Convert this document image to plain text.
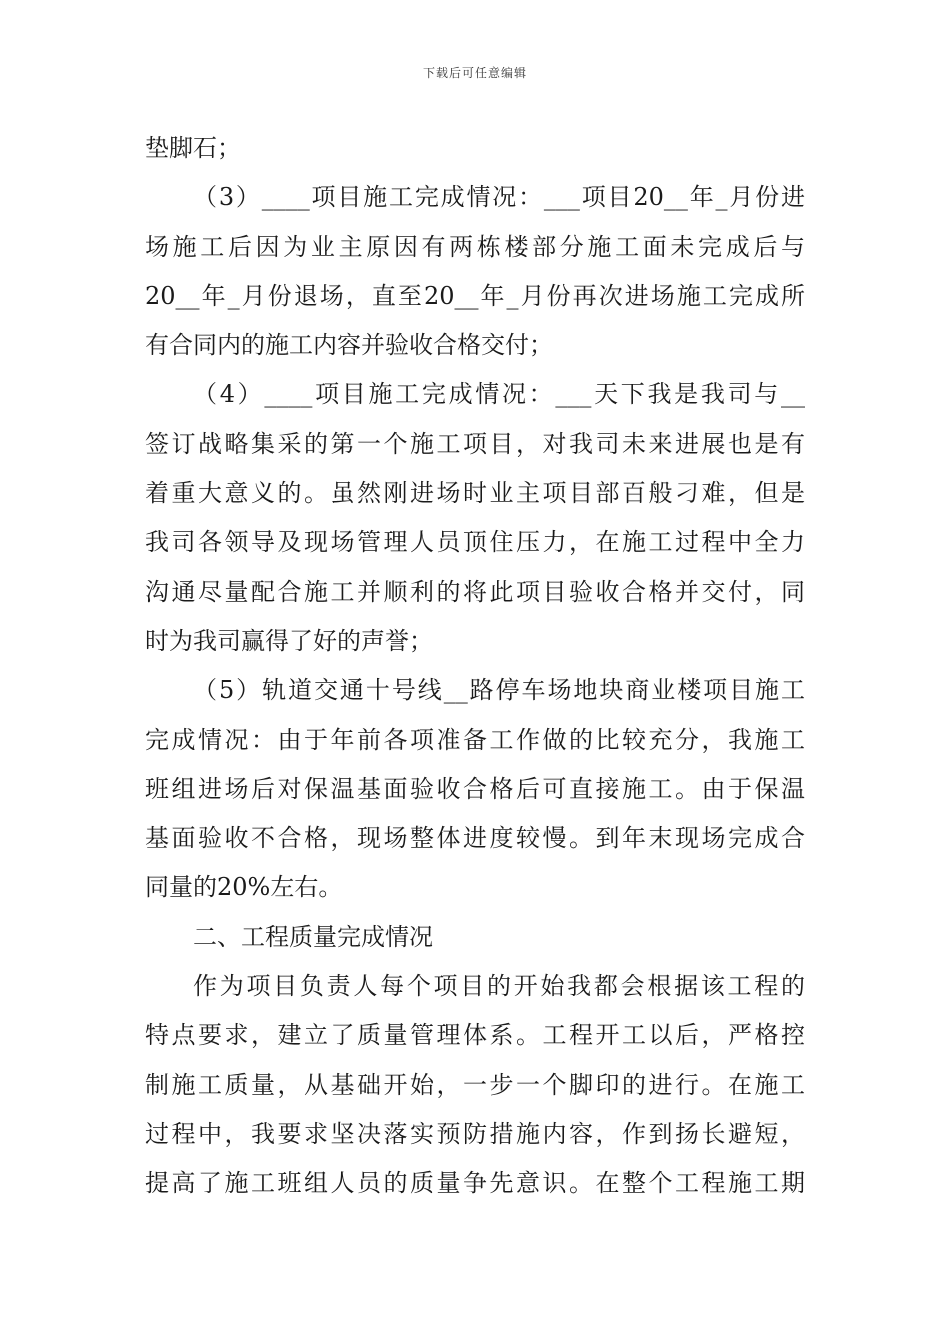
下载后可任意编辑
垫脚石；
（3）____项目施工完成情况：___项目20__年_月份进
场施工后因为业主原因有两栋楼部分施工面未完成后与
20__年_月份退场，直至20__年_月份再次进场施工完成所
有合同内的施工内容并验收合格交付；
（4）____项目施工完成情况：___天下我是我司与__
签订战略集采的第一个施工项目，对我司未来进展也是有
着重大意义的。虽然刚进场时业主项目部百般刁难，但是
我司各领导及现场管理人员顶住压力，在施工过程中全力
沟通尽量配合施工并顺利的将此项目验收合格并交付，同
时为我司赢得了好的声誉；
（5）轨道交通十号线__路停车场地块商业楼项目施工
完成情况：由于年前各项准备工作做的比较充分，我施工
班组进场后对保温基面验收合格后可直接施工。由于保温
基面验收不合格，现场整体进度较慢。到年末现场完成合
同量的20%左右。
二、工程质量完成情况
作为项目负责人每个项目的开始我都会根据该工程的
特点要求，建立了质量管理体系。工程开工以后，严格控
制施工质量，从基础开始，一步一个脚印的进行。在施工
过程中，我要求坚决落实预防措施内容，作到扬长避短，
提高了施工班组人员的质量争先意识。在整个工程施工期
